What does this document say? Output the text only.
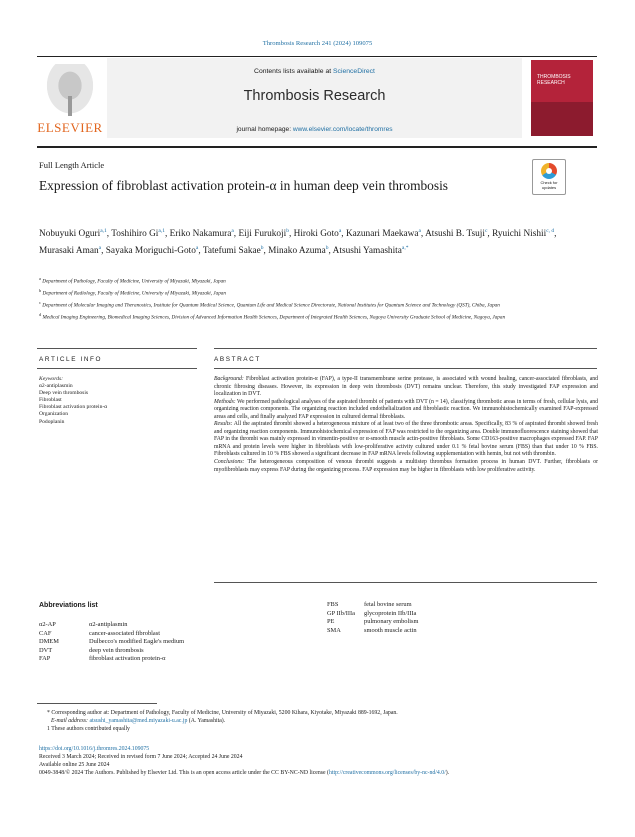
Thrombosis Research 241 (2024) 109075
ELSEVIER
Contents lists available at ScienceDirect
Thrombosis Research
journal homepage: www.elsevier.com/locate/thromres
THROMBOSIS RESEARCH
Full Length Article
Expression of fibroblast activation protein-α in human deep vein thrombosis	Check for updates
Nobuyuki Oguri$^{a,1}$, Toshihiro Gi$^{a,1}$, Eriko Nakamura$^a$, Eiji Furukoji$^b$, Hiroki Goto$^a$, Kazunari Maekawa$^a$, Atsushi B. Tsuji$^c$, Ryuichi Nishii$^{c, d}$, Murasaki Aman$^a$, Sayaka Moriguchi-Goto$^a$, Tatefumi Sakae$^b$, Minako Azuma$^b$, Atsushi Yamashita$^{a,*}$
$^a$ Department of Pathology, Faculty of Medicine, University of Miyazaki, Miyazaki, Japan
$^b$ Department of Radiology, Faculty of Medicine, University of Miyazaki, Miyazaki, Japan
$^c$ Department of Molecular Imaging and Theranostics, Institute for Quantum Medical Science, Quantum Life and Medical Science Directorate, National Institutes for Quantum Science and Technology (QST), Chiba, Japan
$^d$ Medical Imaging Engineering, Biomedical Imaging Sciences, Division of Advanced Information Health Sciences, Department of Integrated Health Sciences, Nagoya University Graduate School of Medicine, Nagoya, Japan
ARTICLE INFO	ABSTRACT
Keywords:
α2-antiplasmin
Deep vein thrombosis
Fibroblast
Fibroblast activation protein-α
Organization
Podoplanin

Background: Fibroblast activation protein-α (FAP), a type-II transmembrane serine protease, is associated with wound healing, cancer-associated fibroblasts, and chronic fibrosing diseases. However, its expression in deep vein thrombosis (DVT) remains unclear. Therefore, this study investigated FAP expression and localization in DVT.

Methods: We performed pathological analyses of the aspirated thrombi of patients with DVT (n = 14), classifying thrombotic areas in terms of fresh, cellular lysis, and organizing reaction components. The organizing reaction included endothelialization and fibroblastic reaction. We immunohistochemically examined FAP-expressed areas and cells, and finally analyzed FAP expression in cultured dermal fibroblasts.

Results: All the aspirated thrombi showed a heterogeneous mixture of at least two of the three thrombotic areas. Specifically, 83 % of aspirated thrombi showed fresh and organizing reaction components. Immunohistochemical expression of FAP was restricted to the organizing area. Double immunofluorescence staining showed that FAP in the thrombi was mainly expressed in vimentin-positive or α-smooth muscle actin-positive fibroblasts. Some CD163-positive macrophages expressed FAP. FAP mRNA and protein levels were higher in fibroblasts with low-proliferative activity cultured under 0.1 % fetal bovine serum (FBS) than that under 10 % FBS. Fibroblasts cultured in 10 % FBS showed a significant decrease in FAP mRNA levels following supplementation with hemin, but not with thrombin.

Conclusions: The heterogeneous composition of venous thrombi suggests a multistep thrombus formation process in human DVT. Further, fibroblasts or myofibroblasts may express FAP during the organizing process. FAP expression may be higher in fibroblasts with low proliferative activity.

Abbreviations list
α2-AP	α2-antiplasmin
CAF	cancer-associated fibroblast
DMEM	Dulbecco's modified Eagle's medium
DVT	deep vein thrombosis
FAP	fibroblast activation protein-α
FBS	fetal bovine serum
GP IIb/IIIa	glycoprotein IIb/IIIa
PE	pulmonary embolism
SMA	smooth muscle actin
* Corresponding author at: Department of Pathology, Faculty of Medicine, University of Miyazaki, 5200 Kihara, Kiyotake, Miyazaki 889-1692, Japan.
E-mail address: atsushi_yamashita@med.miyazaki-u.ac.jp (A. Yamashita).
1 These authors contributed equally
https://doi.org/10.1016/j.thromres.2024.109075
Received 3 March 2024; Received in revised form 7 June 2024; Accepted 24 June 2024
Available online 25 June 2024
0049-3848/© 2024 The Authors. Published by Elsevier Ltd. This is an open access article under the CC BY-NC-ND license (http://creativecommons.org/licenses/by-nc-nd/4.0/).
